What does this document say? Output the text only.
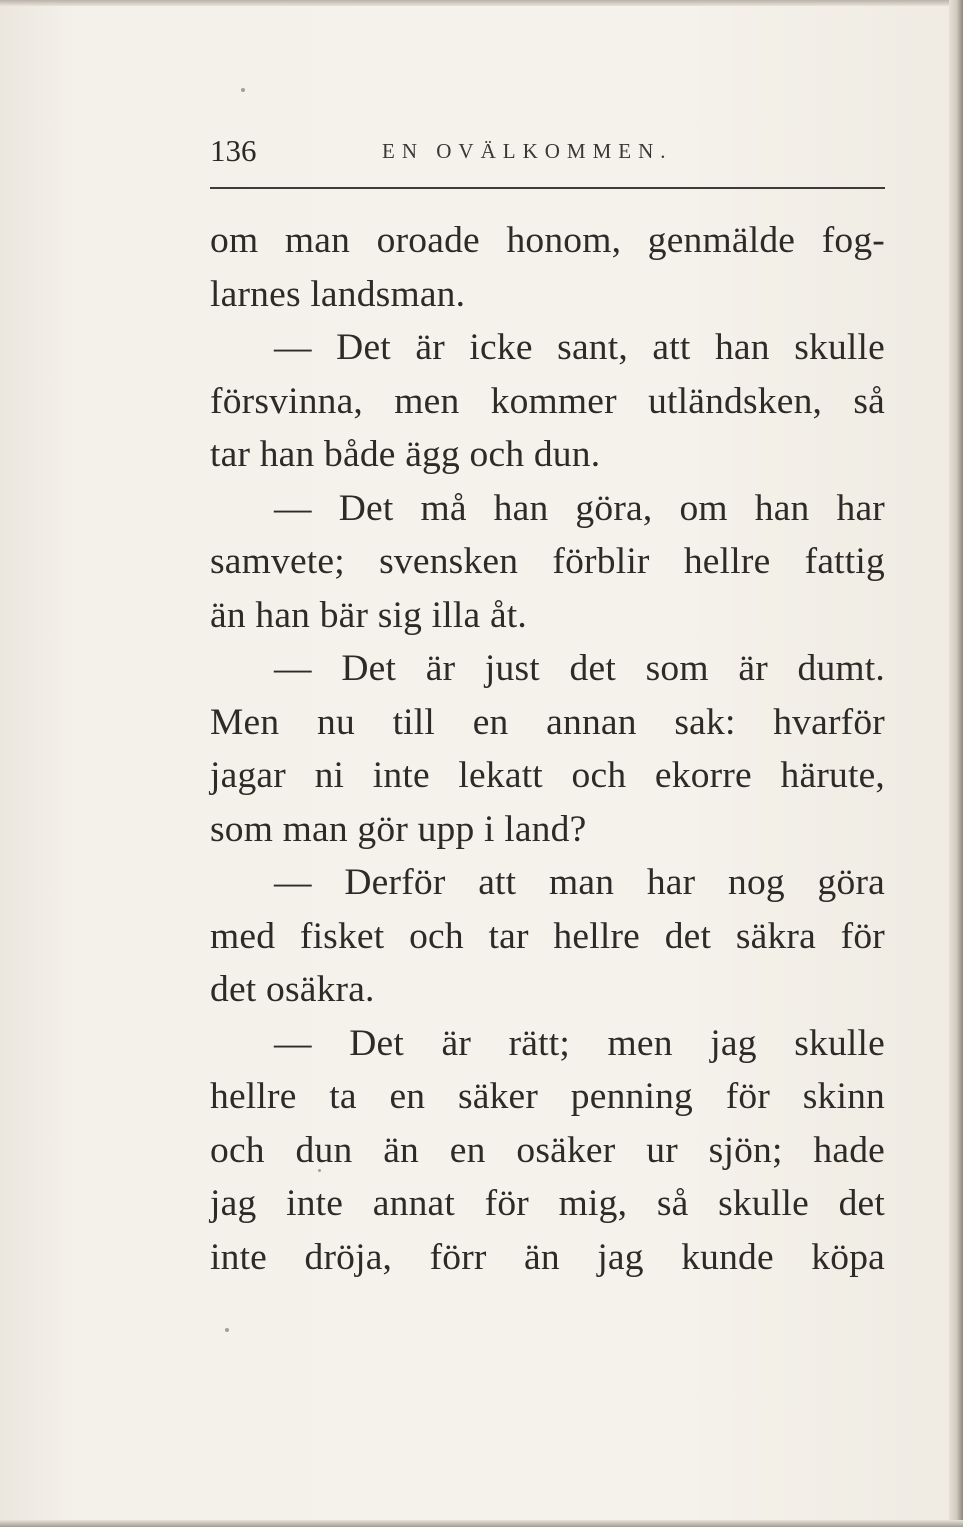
136	EN OVÄLKOMMEN.
om man oroade honom, genmälde fog-
larnes landsman.
— Det är icke sant, att han skulle
försvinna, men kommer utländsken, så
tar han både ägg och dun.
— Det må han göra, om han har
samvete; svensken förblir hellre fattig
än han bär sig illa åt.
— Det är just det som är dumt.
Men nu till en annan sak: hvarför
jagar ni inte lekatt och ekorre härute,
som man gör upp i land?
— Derför att man har nog göra
med fisket och tar hellre det säkra för
det osäkra.
— Det är rätt; men jag skulle
hellre ta en säker penning för skinn
och dun än en osäker ur sjön; hade
jag inte annat för mig, så skulle det
inte dröja, förr än jag kunde köpa
